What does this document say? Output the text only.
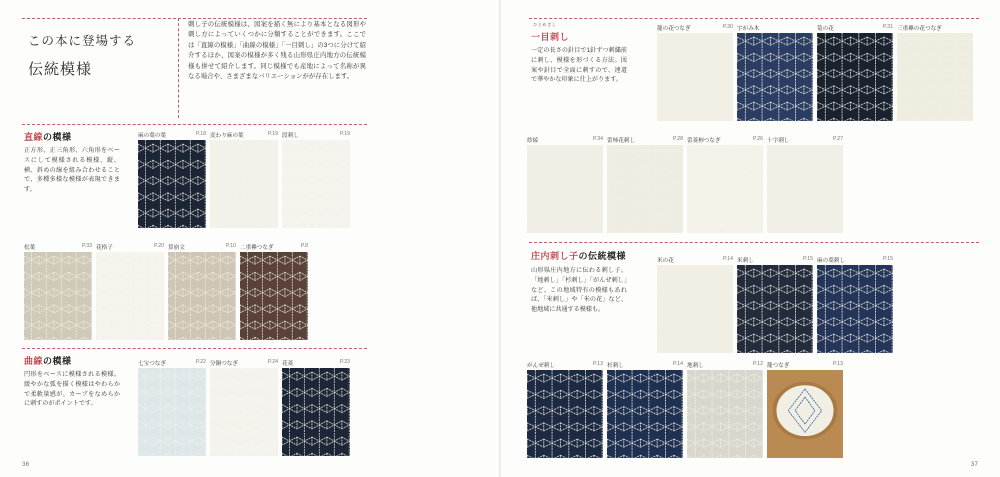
この本に登場する
伝統模様
刺し子の伝統模様は、図案を描く無により基本となる図形や刺し方によっていくつかに分類することができます。ここでは「直線の模様」「曲線の模様」「一目刺し」の3つに分けて紹介するほか、図案の模様が多く残る山形県庄内地方の伝統模様も併せて紹介します。同じ模様でも産地によって名称が異なる場合や、さまざまなバリエーションがが存在します。
直線の模様
正方形、正三角形、六角形をベースにして模様される模様、縦、横、斜めの線を組み合わせることで、多種多様な模様が表現できます。
曲線の模様
円形をベースに模様される模様。緩やかな弧を描く模様はやわらかで柔軟量感が。カーブをなめらかに刺すのがポイントです。
36
ひとめざし
一目刺し
一定の長さの針目で1針ずつ刺繍前に刺し、模様を形づくる方法。図案や針目で全面に刺すので、連道で華やかな印象に仕上がります。
庄内刺し子の伝統模様
山形県庄内地方に伝わる刺し子。「地刺し」「杉刺し」「がんぜ刺し」など、この地域特有の模様もあれば、「米刺し」や「米の花」など、他地域に共通する模様も。
37
P.18
麻の葉の葉	P.19
変わり麻の葉	P.19
段刺し
P.33
松葉	P.20
花格子	P.10
算崩文	P.8
二重襷つなぎ
P.22
七宝つなぎ	P.24
分銅つなぎ	P.23
花菱
P.30
籠の花つなぎ	字がみ木	P.31
篭の花	三重襷の花つなぎ
P.34
紗綾	P.28
蕾柿花刺し	P.26
蕾菱柿つなぎ	P.27
十字刺し
P.14
米の花	P.15
米刺し	P.15
麻の葉刺し
P.13
がんぜ刺し	P.14
杉刺し	P.12
地刺し	P.13
籠つなぎ
